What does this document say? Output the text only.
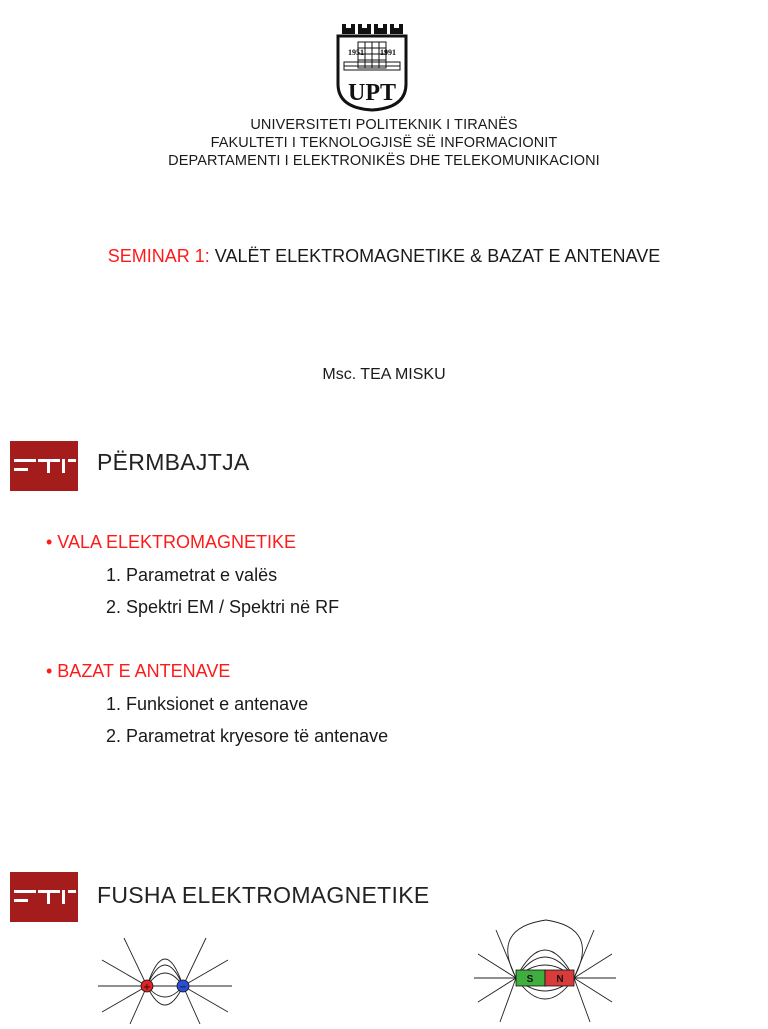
1951 1991
UPT
UNIVERSITETI POLITEKNIK I TIRANËS
FAKULTETI I TEKNOLOGJISË SË INFORMACIONIT
DEPARTAMENTI I ELEKTRONIKËS DHE TELEKOMUNIKACIONI
SEMINAR 1: VALËT ELEKTROMAGNETIKE & BAZAT E ANTENAVE
Msc. TEA MISKU
PËRMBAJTJA
• VALA ELEKTROMAGNETIKE
1. Parametrat e valës
2. Spektri EM / Spektri në RF
• BAZAT E ANTENAVE
1. Funksionet e antenave
2. Parametrat kryesore të antenave
FUSHA ELEKTROMAGNETIKE
+	−
S N
